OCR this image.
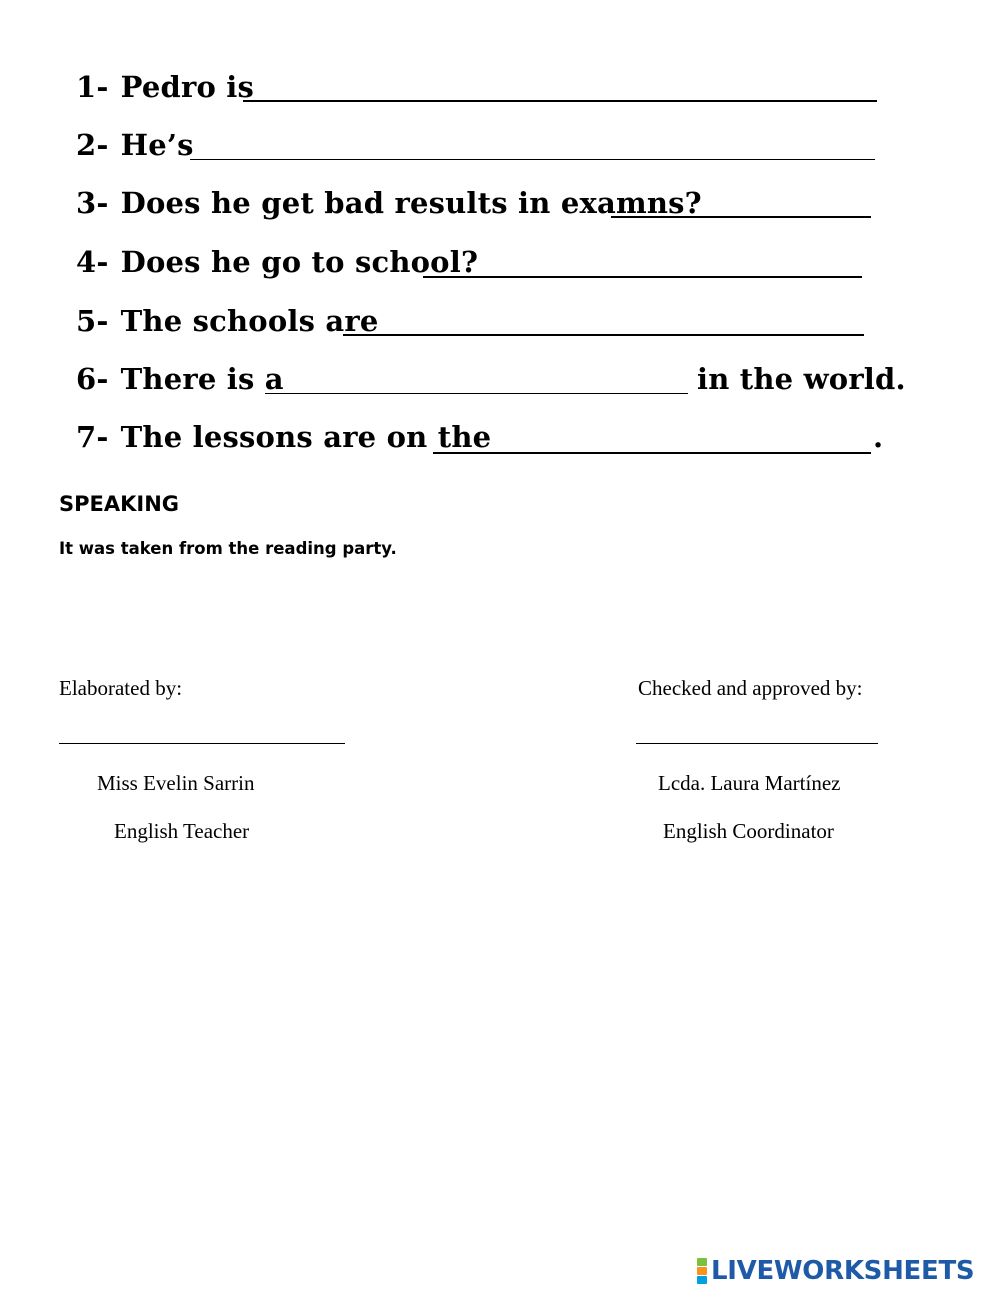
1- Pedro is
2- He’s
3- Does he get bad results in examns?
4- Does he go to school?
5- The schools are
6- There is a	in the world.
7- The lessons are on the	.
SPEAKING
It was taken from the reading party.
Elaborated by:	Checked and approved by:
Miss Evelin Sarrin	Lcda. Laura Martínez
English Teacher	English Coordinator
LIVEWORKSHEETS
